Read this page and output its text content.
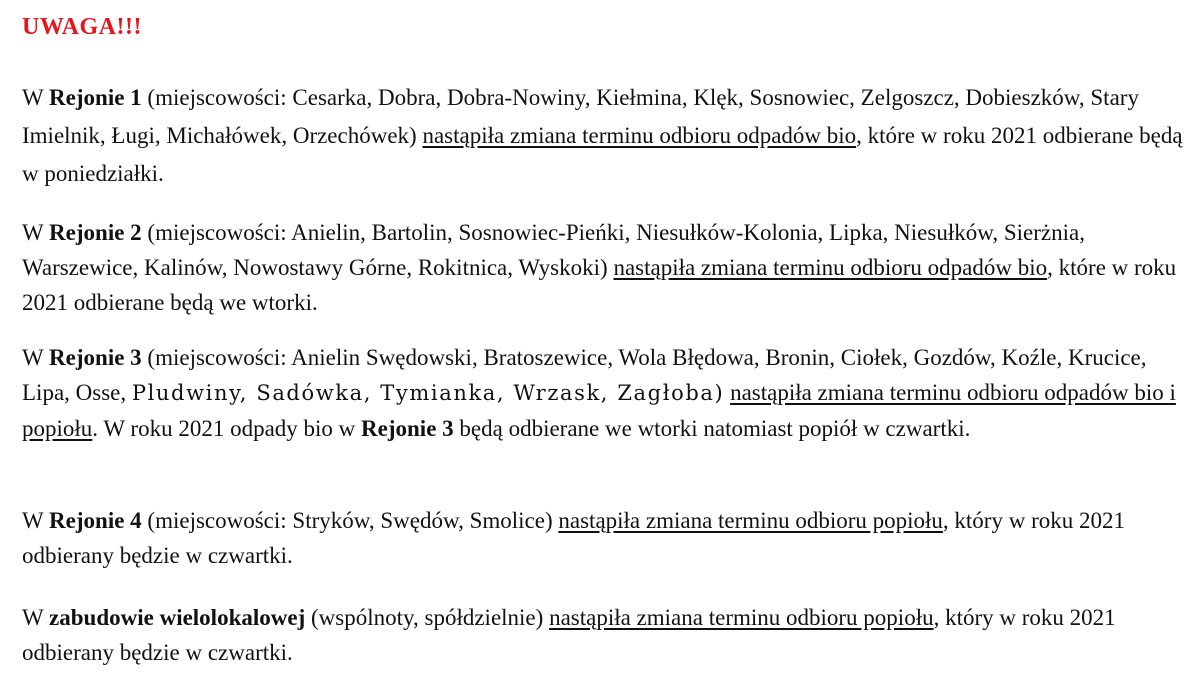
UWAGA!!!

W Rejonie 1 (miejscowości: Cesarka, Dobra, Dobra-Nowiny, Kiełmina, Klęk, Sosnowiec, Zelgoszcz, Dobieszków, Stary Imielnik, Ługi, Michałówek, Orzechówek) nastąpiła zmiana terminu odbioru odpadów bio, które w roku 2021 odbierane będą w poniedziałki.

W Rejonie 2 (miejscowości: Anielin, Bartolin, Sosnowiec-Pieńki, Niesułków-Kolonia, Lipka, Niesułków, Sierżnia, Warszewice, Kalinów, Nowostawy Górne, Rokitnica, Wyskoki) nastąpiła zmiana terminu odbioru odpadów bio, które w roku 2021 odbierane będą we wtorki.

W Rejonie 3 (miejscowości: Anielin Swędowski, Bratoszewice, Wola Błędowa, Bronin, Ciołek, Gozdów, Koźle, Krucice, Lipa, Osse, Pludwiny, Sadówka, Tymianka, Wrzask, Zagłoba) nastąpiła zmiana terminu odbioru odpadów bio i popiołu. W roku 2021 odpady bio w Rejonie 3 będą odbierane we wtorki natomiast popiół w czwartki.

W Rejonie 4 (miejscowości: Stryków, Swędów, Smolice) nastąpiła zmiana terminu odbioru popiołu, który w roku 2021 odbierany będzie w czwartki.

W zabudowie wielolokalowej (wspólnoty, spółdzielnie) nastąpiła zmiana terminu odbioru popiołu, który w roku 2021 odbierany będzie w czwartki.
